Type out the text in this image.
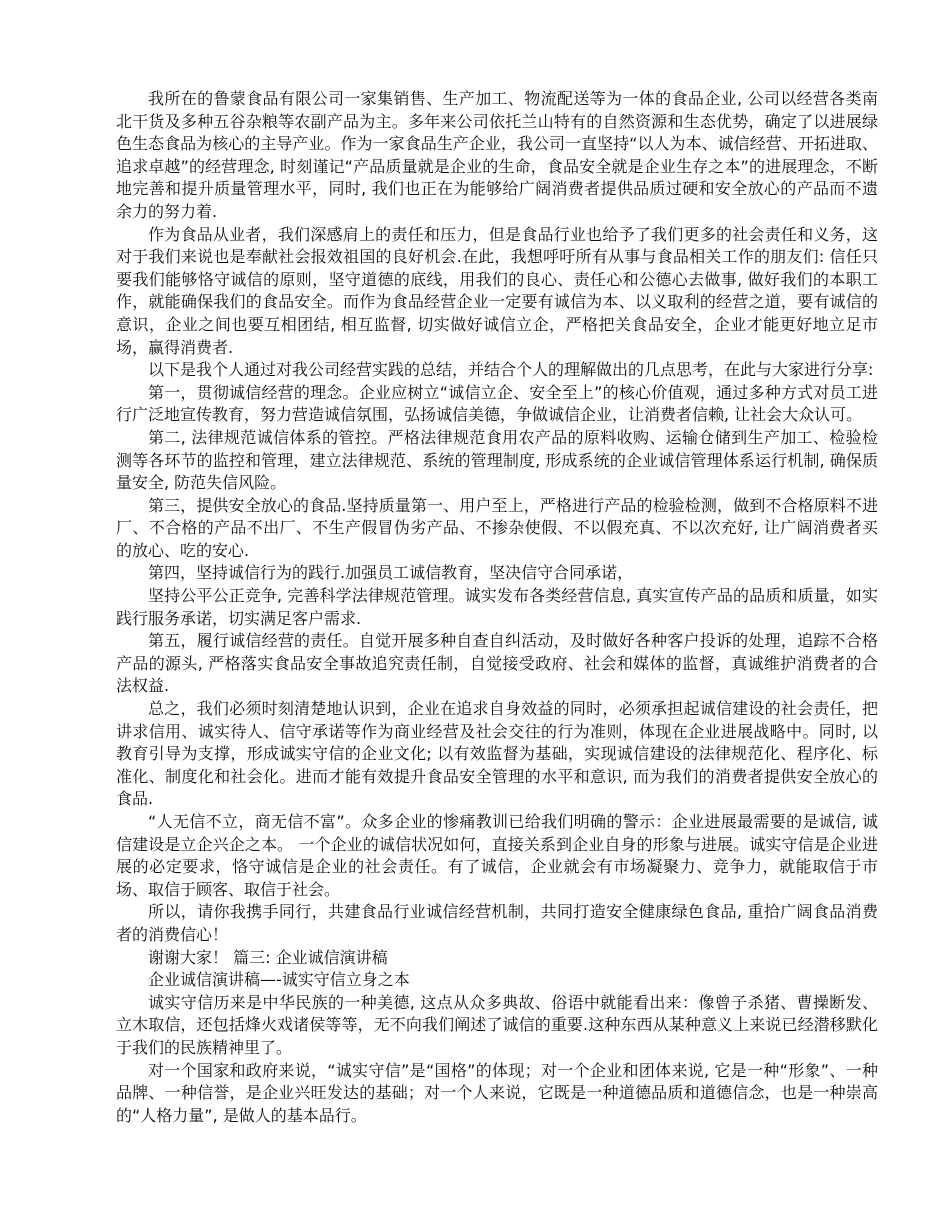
我所在的鲁蒙食品有限公司一家集销售、生产加工、物流配送等为一体的食品企业, 公司以经营各类南北干货及多种五谷杂粮等农副产品为主。多年来公司依托兰山特有的自然资源和生态优势，确定了以进展绿色生态食品为核心的主导产业。作为一家食品生产企业，我公司一直坚持“以人为本、诚信经营、开拓进取、追求卓越”的经营理念, 时刻谨记“产品质量就是企业的生命，食品安全就是企业生存之本”的进展理念，不断地完善和提升质量管理水平，同时, 我们也正在为能够给广阔消费者提供品质过硬和安全放心的产品而不遗余力的努力着.

作为食品从业者，我们深感肩上的责任和压力，但是食品行业也给予了我们更多的社会责任和义务，这对于我们来说也是奉献社会报效祖国的良好机会.在此，我想呼吁所有从事与食品相关工作的朋友们: 信任只要我们能够恪守诚信的原则，坚守道德的底线，用我们的良心、责任心和公德心去做事, 做好我们的本职工作，就能确保我们的食品安全。而作为食品经营企业一定要有诚信为本、以义取利的经营之道，要有诚信的意识，企业之间也要互相团结, 相互监督, 切实做好诚信立企，严格把关食品安全，企业才能更好地立足市场，赢得消费者.

以下是我个人通过对我公司经营实践的总结，并结合个人的理解做出的几点思考，在此与大家进行分享:

第一，贯彻诚信经营的理念。企业应树立“诚信立企、安全至上”的核心价值观，通过多种方式对员工进行广泛地宣传教育，努力营造诚信氛围，弘扬诚信美德，争做诚信企业，让消费者信赖, 让社会大众认可。

第二, 法律规范诚信体系的管控。严格法律规范食用农产品的原料收购、运输仓储到生产加工、检验检测等各环节的监控和管理，建立法律规范、系统的管理制度, 形成系统的企业诚信管理体系运行机制, 确保质量安全, 防范失信风险。

第三，提供安全放心的食品.坚持质量第一、用户至上，严格进行产品的检验检测，做到不合格原料不进厂、不合格的产品不出厂、不生产假冒伪劣产品、不掺杂使假、不以假充真、不以次充好, 让广阔消费者买的放心、吃的安心.

第四，坚持诚信行为的践行.加强员工诚信教育，坚决信守合同承诺，

坚持公平公正竞争, 完善科学法律规范管理。诚实发布各类经营信息, 真实宣传产品的品质和质量，如实践行服务承诺，切实满足客户需求.

第五，履行诚信经营的责任。自觉开展多种自查自纠活动，及时做好各种客户投诉的处理，追踪不合格产品的源头, 严格落实食品安全事故追究责任制，自觉接受政府、社会和媒体的监督，真诚维护消费者的合法权益.

总之，我们必须时刻清楚地认识到，企业在追求自身效益的同时，必须承担起诚信建设的社会责任，把讲求信用、诚实待人、信守承诺等作为商业经营及社会交往的行为准则，体现在企业进展战略中。同时, 以教育引导为支撑，形成诚实守信的企业文化; 以有效监督为基础，实现诚信建设的法律规范化、程序化、标准化、制度化和社会化。进而才能有效提升食品安全管理的水平和意识, 而为我们的消费者提供安全放心的食品.

“人无信不立，商无信不富”。众多企业的惨痛教训已给我们明确的警示：企业进展最需要的是诚信, 诚信建设是立企兴企之本。 一个企业的诚信状况如何，直接关系到企业自身的形象与进展。诚实守信是企业进展的必定要求，恪守诚信是企业的社会责任。有了诚信，企业就会有市场凝聚力、竞争力，就能取信于市场、取信于顾客、取信于社会。

所以，请你我携手同行，共建食品行业诚信经营机制，共同打造安全健康绿色食品, 重拾广阔食品消费者的消费信心！

谢谢大家！ 篇三: 企业诚信演讲稿

企业诚信演讲稿—-诚实守信立身之本

诚实守信历来是中华民族的一种美德, 这点从众多典故、俗语中就能看出来：像曾子杀猪、曹操断发、立木取信，还包括烽火戏诸侯等等，无不向我们阐述了诚信的重要.这种东西从某种意义上来说已经潜移默化于我们的民族精神里了。

对一个国家和政府来说，“诚实守信”是“国格”的体现；对一个企业和团体来说, 它是一种“形象”、一种品牌、一种信誉，是企业兴旺发达的基础；对一个人来说，它既是一种道德品质和道德信念，也是一种崇高的“人格力量”, 是做人的基本品行。
